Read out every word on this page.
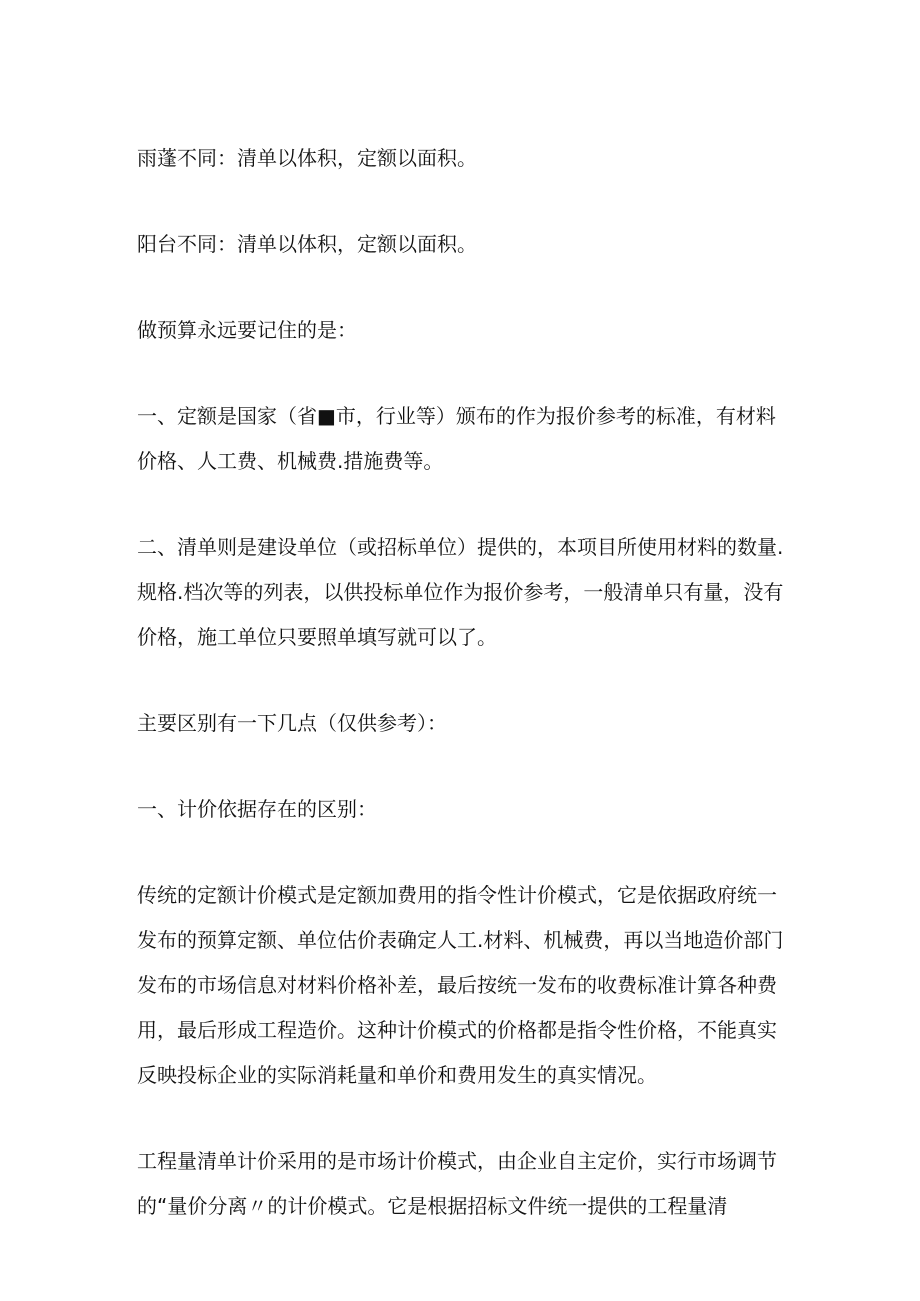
雨蓬不同：清单以体积，定额以面积。

阳台不同：清单以体积，定额以面积。

做预算永远要记住的是：

一、定额是国家（省■市，行业等）颁布的作为报价参考的标准，有材料
价格、人工费、机械费.措施费等。

二、清单则是建设单位（或招标单位）提供的，本项目所使用材料的数量.
规格.档次等的列表，以供投标单位作为报价参考，一般清单只有量，没有
价格，施工单位只要照单填写就可以了。

主要区别有一下几点（仅供参考）：

一、计价依据存在的区别：

传统的定额计价模式是定额加费用的指令性计价模式，它是依据政府统一
发布的预算定额、单位估价表确定人工.材料、机械费，再以当地造价部门
发布的市场信息对材料价格补差，最后按统一发布的收费标准计算各种费
用，最后形成工程造价。这种计价模式的价格都是指令性价格，不能真实
反映投标企业的实际消耗量和单价和费用发生的真实情况。

工程量清单计价采用的是市场计价模式，由企业自主定价，实行市场调节
的“量价分离〃的计价模式。它是根据招标文件统一提供的工程量清
